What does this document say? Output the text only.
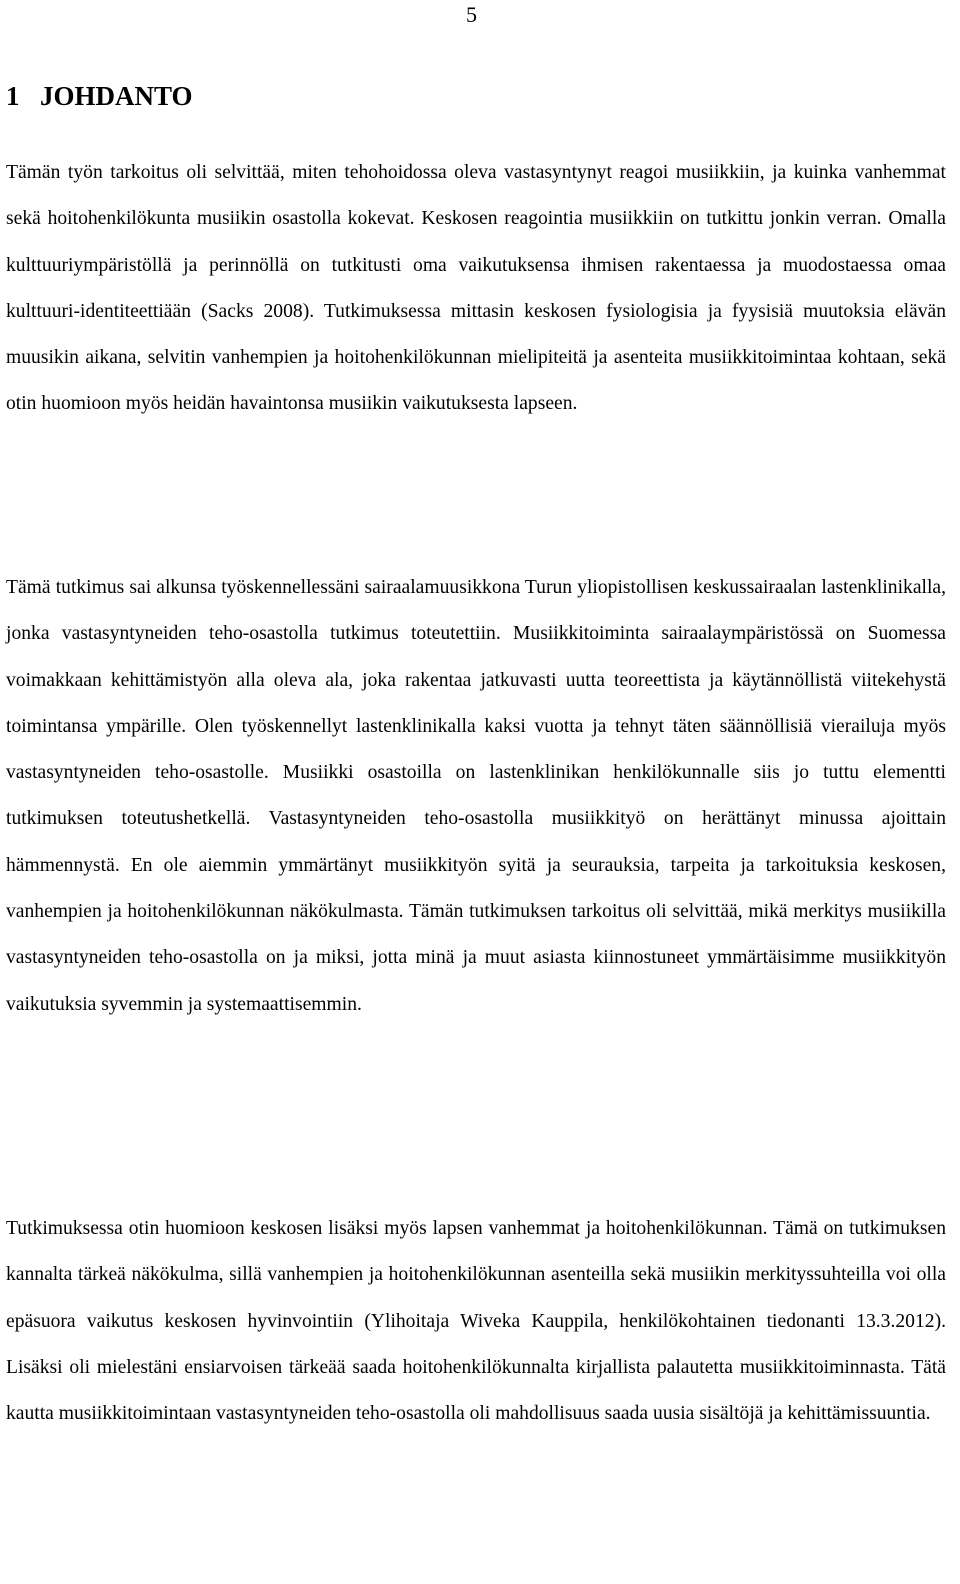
5
1 JOHDANTO

Tämän työn tarkoitus oli selvittää, miten tehohoidossa oleva vastasyntynyt reagoi musiikkiin, ja kuinka vanhemmat sekä hoitohenkilökunta musiikin osastolla kokevat. Keskosen reagointia musiikkiin on tutkittu jonkin verran. Omalla kulttuuriympäristöllä ja perinnöllä on tutkitusti oma vaikutuksensa ihmisen rakentaessa ja muodostaessa omaa kulttuuri-identiteettiään (Sacks 2008). Tutkimuksessa mittasin keskosen fysiologisia ja fyysisiä muutoksia elävän muusikin aikana, selvitin vanhempien ja hoitohenkilökunnan mielipiteitä ja asenteita musiikkitoimintaa kohtaan, sekä otin huomioon myös heidän havaintonsa musiikin vaikutuksesta lapseen.

Tämä tutkimus sai alkunsa työskennellessäni sairaalamuusikkona Turun yliopistollisen keskussairaalan lastenklinikalla, jonka vastasyntyneiden teho-osastolla tutkimus toteutettiin. Musiikkitoiminta sairaalaympäristössä on Suomessa voimakkaan kehittämistyön alla oleva ala, joka rakentaa jatkuvasti uutta teoreettista ja käytännöllistä viitekehystä toimintansa ympärille. Olen työskennellyt lastenklinikalla kaksi vuotta ja tehnyt täten säännöllisiä vierailuja myös vastasyntyneiden teho-osastolle. Musiikki osastoilla on lastenklinikan henkilökunnalle siis jo tuttu elementti tutkimuksen toteutushetkellä. Vastasyntyneiden teho-osastolla musiikkityö on herättänyt minussa ajoittain hämmennystä. En ole aiemmin ymmärtänyt musiikkityön syitä ja seurauksia, tarpeita ja tarkoituksia keskosen, vanhempien ja hoitohenkilökunnan näkökulmasta. Tämän tutkimuksen tarkoitus oli selvittää, mikä merkitys musiikilla vastasyntyneiden teho-osastolla on ja miksi, jotta minä ja muut asiasta kiinnostuneet ymmärtäisimme musiikkityön vaikutuksia syvemmin ja systemaattisemmin.

Tutkimuksessa otin huomioon keskosen lisäksi myös lapsen vanhemmat ja hoitohenkilökunnan. Tämä on tutkimuksen kannalta tärkeä näkökulma, sillä vanhempien ja hoitohenkilökunnan asenteilla sekä musiikin merkityssuhteilla voi olla epäsuora vaikutus keskosen hyvinvointiin (Ylihoitaja Wiveka Kauppila, henkilökohtainen tiedonanti 13.3.2012). Lisäksi oli mielestäni ensiarvoisen tärkeää saada hoitohenkilökunnalta kirjallista palautetta musiikkitoiminnasta. Tätä kautta musiikkitoimintaan vastasyntyneiden teho-osastolla oli mahdollisuus saada uusia sisältöjä ja kehittämissuuntia.
